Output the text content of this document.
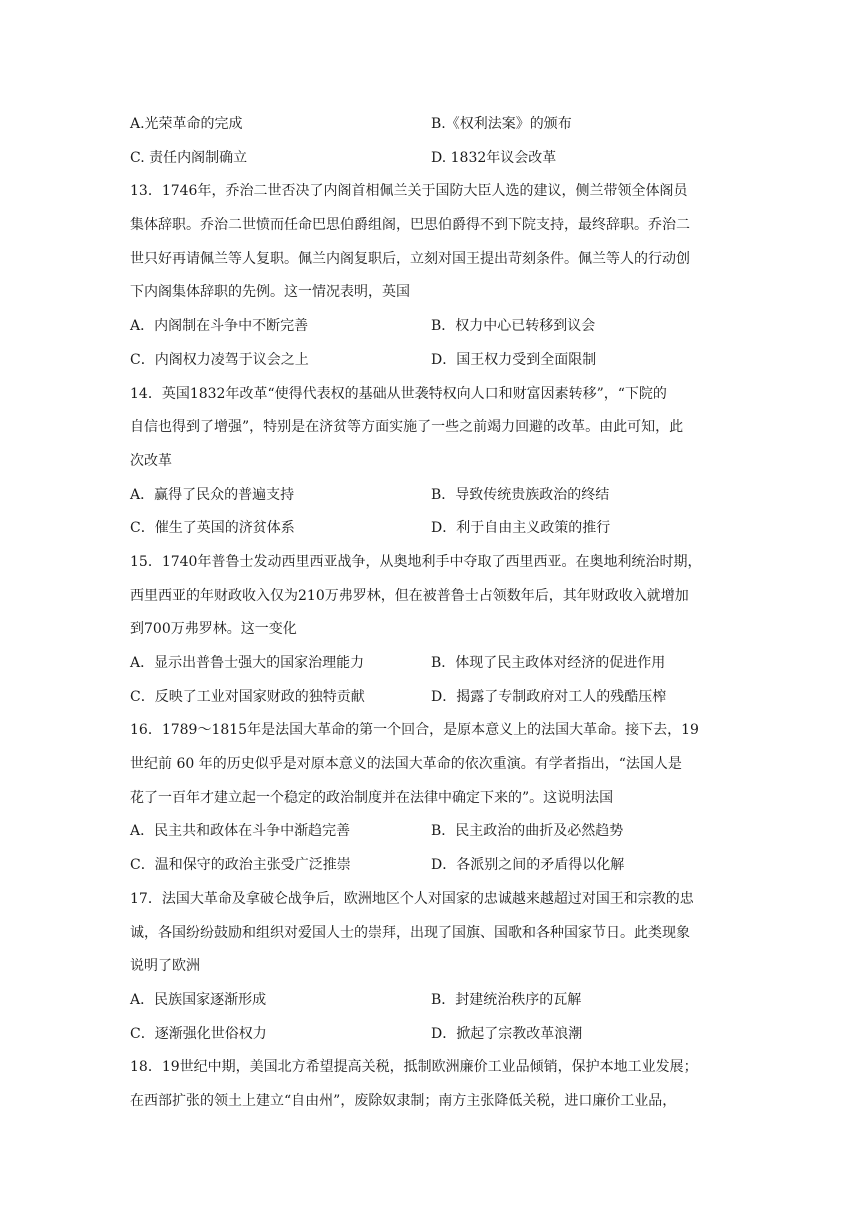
A.光荣革命的完成	B.《权利法案》的颁布
C. 责任内阁制确立	D. 1832年议会改革
13．1746年，乔治二世否决了内阁首相佩兰关于国防大臣人选的建议，侧兰带领全体阁员
集体辞职。乔治二世愤而任命巴思伯爵组阁，巴思伯爵得不到下院支持，最终辞职。乔治二
世只好再请佩兰等人复职。佩兰内阁复职后，立刻对国王提出苛刻条件。佩兰等人的行动创
下内阁集体辞职的先例。这一情况表明，英国
A．内阁制在斗争中不断完善	B．权力中心已转移到议会
C．内阁权力凌驾于议会之上	D．国王权力受到全面限制
14．英国1832年改革“使得代表权的基础从世袭特权向人口和财富因素转移”，“下院的
自信也得到了增强”，特别是在济贫等方面实施了一些之前竭力回避的改革。由此可知，此
次改革
A．赢得了民众的普遍支持	B．导致传统贵族政治的终结
C．催生了英国的济贫体系	D．利于自由主义政策的推行
15．1740年普鲁士发动西里西亚战争，从奥地利手中夺取了西里西亚。在奥地利统治时期，
西里西亚的年财政收入仅为210万弗罗林，但在被普鲁士占领数年后，其年财政收入就增加
到700万弗罗林。这一变化
A．显示出普鲁士强大的国家治理能力	B．体现了民主政体对经济的促进作用
C．反映了工业对国家财政的独特贡献	D．揭露了专制政府对工人的残酷压榨
16．1789～1815年是法国大革命的第一个回合，是原本意义上的法国大革命。接下去，19
世纪前 60 年的历史似乎是对原本意义的法国大革命的依次重演。有学者指出，“法国人是
花了一百年才建立起一个稳定的政治制度并在法律中确定下来的”。这说明法国
A．民主共和政体在斗争中渐趋完善	B．民主政治的曲折及必然趋势
C．温和保守的政治主张受广泛推崇	D．各派别之间的矛盾得以化解
17．法国大革命及拿破仑战争后，欧洲地区个人对国家的忠诚越来越超过对国王和宗教的忠
诚，各国纷纷鼓励和组织对爱国人士的崇拜，出现了国旗、国歌和各种国家节日。此类现象
说明了欧洲
A．民族国家逐渐形成	B．封建统治秩序的瓦解
C．逐渐强化世俗权力	D．掀起了宗教改革浪潮
18．19世纪中期，美国北方希望提高关税，抵制欧洲廉价工业品倾销，保护本地工业发展；
在西部扩张的领土上建立“自由州”，废除奴隶制；南方主张降低关税，进口廉价工业品，
